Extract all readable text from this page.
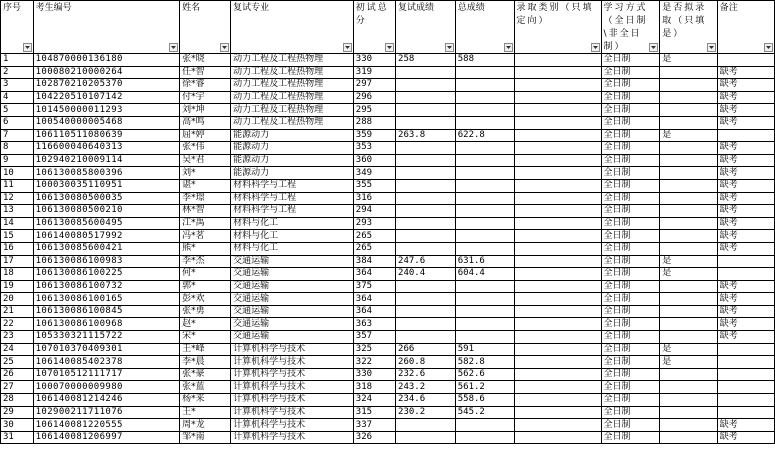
序号	考生编号	姓名	复试专业	初试总分	复试成绩	总成绩	录取类别（只填定向）	学习方式（全日制\非全日制）	是否拟录取（只填是）	备注

1	104870000136180	张*晓	动力工程及工程热物理	330	258	588		全日制	是	
2	100080210000264	任*智	动力工程及工程热物理	319				全日制		缺考
3	102870210205370	徐*睿	动力工程及工程热物理	297				全日制		缺考
4	104220510107142	付*宇	动力工程及工程热物理	296				全日制		缺考
5	101450000011293	刘*坤	动力工程及工程热物理	295				全日制		缺考
6	100540000005468	高*鸣	动力工程及工程热物理	288				全日制		缺考
7	106110511080639	屈*婷	能源动力	359	263.8	622.8		全日制	是	
8	116600040640313	张*伟	能源动力	353				全日制		缺考
9	102940210009114	吴*君	能源动力	360				全日制		缺考
10	106130085800396	刘*	能源动力	349				全日制		缺考
11	100030035110951	谌*	材料科学与工程	355				全日制		缺考
12	106130080500035	李*璟	材料科学与工程	316				全日制		缺考
13	106130080500210	林*智	材料科学与工程	294				全日制		缺考
14	106130085600495	江*禹	材料与化工	293				全日制		缺考
15	106140080517992	冯*茗	材料与化工	265				全日制		缺考
16	106130085600421	熊*	材料与化工	265				全日制		缺考
17	106130086100983	李*杰	交通运输	384	247.6	631.6		全日制	是	
18	106130086100225	何*	交通运输	364	240.4	604.4		全日制	是	
19	106130086100732	郭*	交通运输	375				全日制		缺考
20	106130086100165	彭*欢	交通运输	364				全日制		缺考
21	106130086100845	张*勇	交通运输	364				全日制		缺考
22	106130086100968	赵*	交通运输	363				全日制		缺考
23	105330321115722	宋*	交通运输	357				全日制		缺考
24	107010370409301	王*峰	计算机科学与技术	325	266	591		全日制	是	
25	106140085402378	李*晨	计算机科学与技术	322	260.8	582.8		全日制	是	
26	107010512111717	张*豪	计算机科学与技术	330	232.6	562.6		全日制		
27	100070000009980	张*蓝	计算机科学与技术	318	243.2	561.2		全日制		
28	106140081214246	杨*来	计算机科学与技术	324	234.6	558.6		全日制		
29	102900211711076	王*	计算机科学与技术	315	230.2	545.2		全日制		
30	106140081220555	周*龙	计算机科学与技术	337				全日制		缺考
31	106140081206997	邹*南	计算机科学与技术	326				全日制		缺考
